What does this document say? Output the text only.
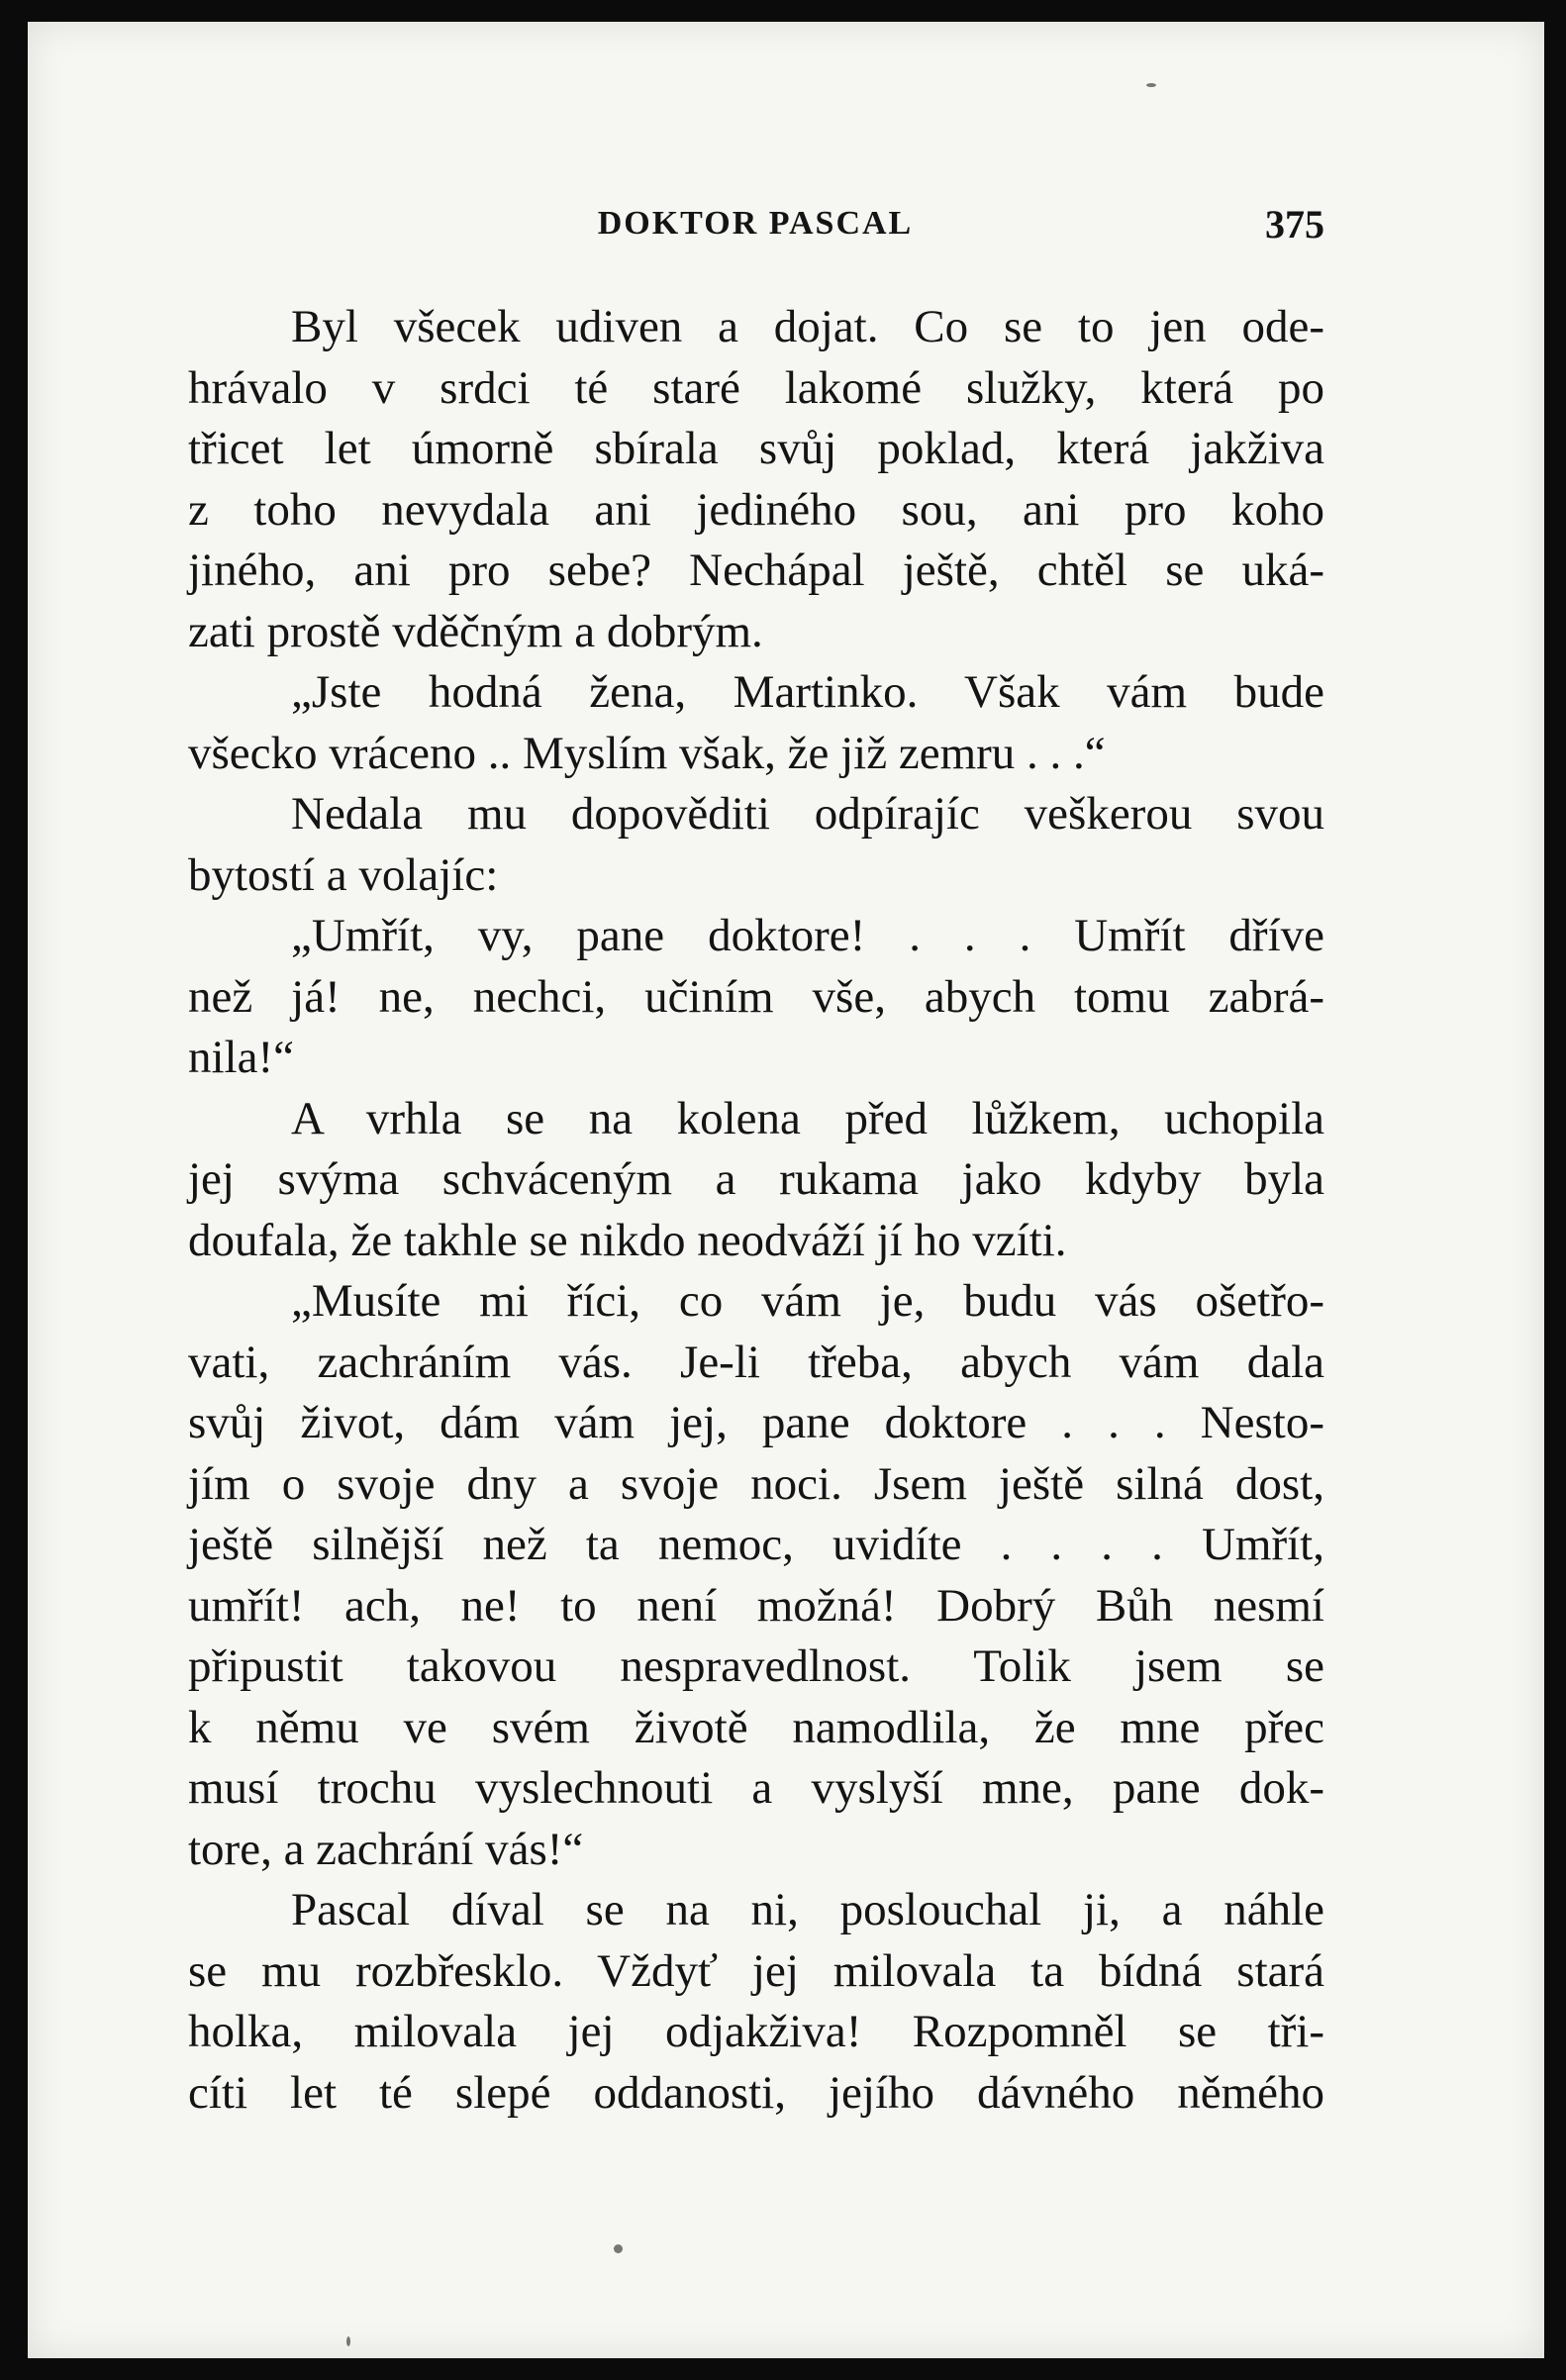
DOKTOR PASCAL	375
Byl všecek udiven a dojat. Co se to jen ode-
hrávalo v srdci té staré lakomé služky, která po
třicet let úmorně sbírala svůj poklad, která jakživa
z toho nevydala ani jediného sou, ani pro koho
jiného, ani pro sebe? Nechápal ještě, chtěl se uká-
zati prostě vděčným a dobrým.
„Jste hodná žena, Martinko. Však vám bude
všecko vráceno .. Myslím však, že již zemru . . .“
Nedala mu dopověditi odpírajíc veškerou svou
bytostí a volajíc:
„Umřít, vy, pane doktore! . . . Umřít dříve
než já! ne, nechci, učiním vše, abych tomu zabrá-
nila!“
A vrhla se na kolena před lůžkem, uchopila
jej svýma schváceným a rukama jako kdyby byla
doufala, že takhle se nikdo neodváží jí ho vzíti.
„Musíte mi říci, co vám je, budu vás ošetřo-
vati, zachráním vás. Je-li třeba, abych vám dala
svůj život, dám vám jej, pane doktore . . . Nesto-
jím o svoje dny a svoje noci. Jsem ještě silná dost,
ještě silnější než ta nemoc, uvidíte . . . . Umřít,
umřít! ach, ne! to není možná! Dobrý Bůh nesmí
připustit takovou nespravedlnost. Tolik jsem se
k němu ve svém životě namodlila, že mne přec
musí trochu vyslechnouti a vyslyší mne, pane dok-
tore, a zachrání vás!“
Pascal díval se na ni, poslouchal ji, a náhle
se mu rozbřesklo. Vždyť jej milovala ta bídná stará
holka, milovala jej odjakživa! Rozpomněl se tři-
cíti let té slepé oddanosti, jejího dávného němého
